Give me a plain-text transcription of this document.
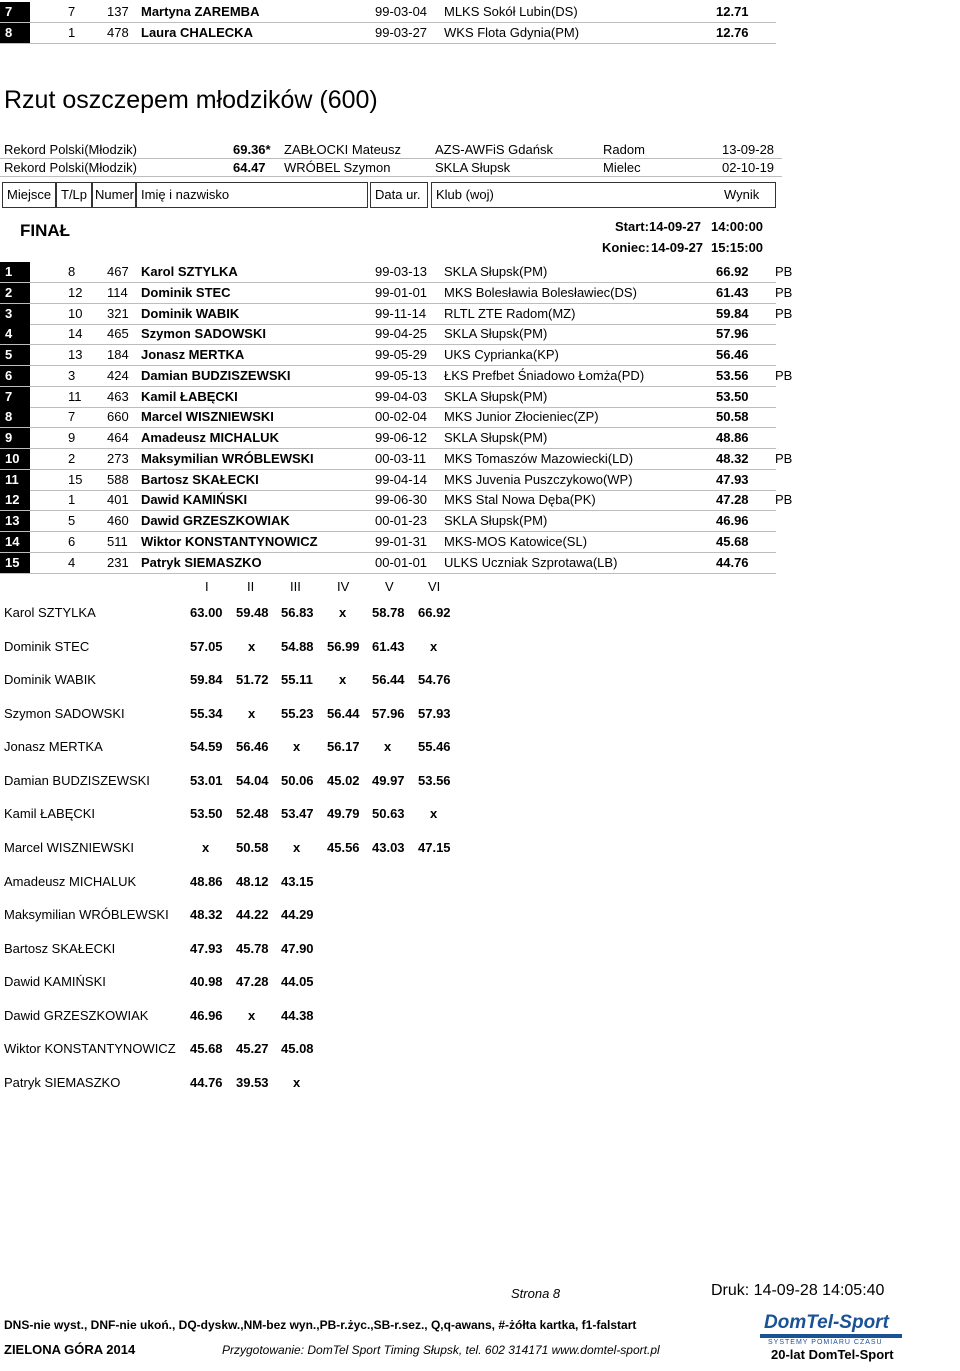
7	7 137 Martyna ZAREMBA	99-03-04 MLKS Sokół Lubin(DS)	12.71
8	1 478 Laura CHALECKA	99-03-27 WKS Flota Gdynia(PM)	12.76
Rzut oszczepem młodzików (600)
Rekord Polski(Młodzik)	69.36* ZABŁOCKI Mateusz	AZS-AWFiS Gdańsk	Radom	13-09-28
Rekord Polski(Młodzik)	64.47 WRÓBEL Szymon	SKLA Słupsk	Mielec	02-10-19
Miejsce T/Lp Numer Imię i nazwisko	Data ur.	Klub (woj)	Wynik
FINAŁ	Start: 14-09-27 14:00:00
Koniec: 14-09-27 15:15:00
1	8 467 Karol SZTYLKA	99-03-13 SKLA Słupsk(PM)	66.92 PB
2	12 114 Dominik STEC	99-01-01 MKS Bolesławia Bolesławiec(DS)	61.43 PB
3	10 321 Dominik WABIK	99-11-14 RLTL ZTE Radom(MZ)	59.84 PB
4	14 465 Szymon SADOWSKI	99-04-25 SKLA Słupsk(PM)	57.96
5	13 184 Jonasz MERTKA	99-05-29 UKS Cyprianka(KP)	56.46
6	3 424 Damian BUDZISZEWSKI	99-05-13 ŁKS Prefbet Śniadowo Łomża(PD)	53.56 PB
7	11 463 Kamil ŁABĘCKI	99-04-03 SKLA Słupsk(PM)	53.50
8	7 660 Marcel WISZNIEWSKI	00-02-04 MKS Junior Złocieniec(ZP)	50.58
9	9 464 Amadeusz MICHALUK	99-06-12 SKLA Słupsk(PM)	48.86
10	2 273 Maksymilian WRÓBLEWSKI	00-03-11 MKS Tomaszów Mazowiecki(LD)	48.32 PB
11	15 588 Bartosz SKAŁECKI	99-04-14 MKS Juvenia Puszczykowo(WP)	47.93
12	1 401 Dawid KAMIŃSKI	99-06-30 MKS Stal Nowa Dęba(PK)	47.28 PB
13	5 460 Dawid GRZESZKOWIAK	00-01-23 SKLA Słupsk(PM)	46.96
14	6 511 Wiktor KONSTANTYNOWICZ	99-01-31 MKS-MOS Katowice(SL)	45.68
15	4 231 Patryk SIEMASZKO	00-01-01 ULKS Uczniak Szprotawa(LB)	44.76
I	II	III	IV	V	VI
Karol SZTYLKA	63.00 59.48 56.83 x 58.78 66.92
Dominik STEC	57.05 x 54.88 56.99 61.43 x
Dominik WABIK	59.84 51.72 55.11 x 56.44 54.76
Szymon SADOWSKI	55.34 x 55.23 56.44 57.96 57.93
Jonasz MERTKA	54.59 56.46 x 56.17 x 55.46
Damian BUDZISZEWSKI	53.01 54.04 50.06 45.02 49.97 53.56
Kamil ŁABĘCKI	53.50 52.48 53.47 49.79 50.63 x
Marcel WISZNIEWSKI	x 50.58 x 45.56 43.03 47.15
Amadeusz MICHALUK	48.86 48.12 43.15
Maksymilian WRÓBLEWSKI 48.32 44.22 44.29
Bartosz SKAŁECKI	47.93 45.78 47.90
Dawid KAMIŃSKI	40.98 47.28 44.05
Dawid GRZESZKOWIAK	46.96 x 44.38
Wiktor KONSTANTYNOWICZ 45.68 45.27 45.08
Patryk SIEMASZKO	44.76 39.53 x
Strona 8	Druk: 14-09-28 14:05:40
DNS-nie wyst., DNF-nie ukoń., DQ-dyskw.,NM-bez wyn.,PB-r.życ.,SB-r.sez., Q,q-awans, #-żółta kartka, f1-falstart
ZIELONA GÓRA 2014	Przygotowanie: DomTel Sport Timing Słupsk, tel. 602 314171 www.domtel-sport.pl
DomTel-Sport
SYSTEMY POMIARU CZASU
20-lat DomTel-Sport
